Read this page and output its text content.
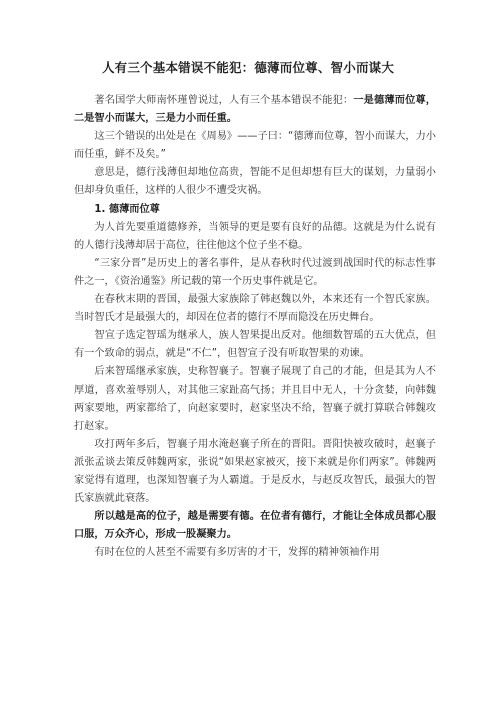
人有三个基本错误不能犯：德薄而位尊、智小而谋大

著名国学大师南怀瑾曾说过，人有三个基本错误不能犯：一是德薄而位尊，二是智小而谋大，三是力小而任重。

这三个错误的出处是在《周易》——子曰：“德薄而位尊，智小而谋大，力小而任重，鲜不及矣。”

意思是，德行浅薄但却地位高贵，智能不足但却想有巨大的谋划，力量弱小但却身负重任，这样的人很少不遭受灾祸。

1. 德薄而位尊

为人首先要重道德修养，当领导的更是要有良好的品德。这就是为什么说有的人德行浅薄却居于高位，往往他这个位子坐不稳。

“三家分晋”是历史上的著名事件，是从春秋时代过渡到战国时代的标志性事件之一，《资治通鉴》所记载的第一个历史事件就是它。

在春秋末期的晋国，最强大家族除了韩赵魏以外，本来还有一个智氏家族。当时智氏才是最强大的，却因在位者的德行不厚而隐没在历史舞台。

智宣子选定智瑶为继承人，族人智果提出反对。他细数智瑶的五大优点，但有一个致命的弱点，就是“不仁”，但智宣子没有听取智果的劝谏。

后来智瑶继承家族，史称智襄子。智襄子展现了自己的才能，但是其为人不厚道，喜欢羞辱别人，对其他三家趾高气扬；并且目中无人，十分贪婪，向韩魏两家要地，两家都给了，向赵家要时，赵家坚决不给，智襄子就打算联合韩魏攻打赵家。

攻打两年多后，智襄子用水淹赵襄子所在的晋阳。晋阳快被攻破时，赵襄子派张孟谈去策反韩魏两家，张说“如果赵家被灭，接下来就是你们两家”。韩魏两家觉得有道理，也深知智襄子为人霸道。于是反水，与赵反攻智氏，最强大的智氏家族就此衰落。

所以越是高的位子，越是需要有德。在位者有德行，才能让全体成员都心服口服，万众齐心，形成一股凝聚力。

有时在位的人甚至不需要有多厉害的才干，发挥的精神领袖作用
